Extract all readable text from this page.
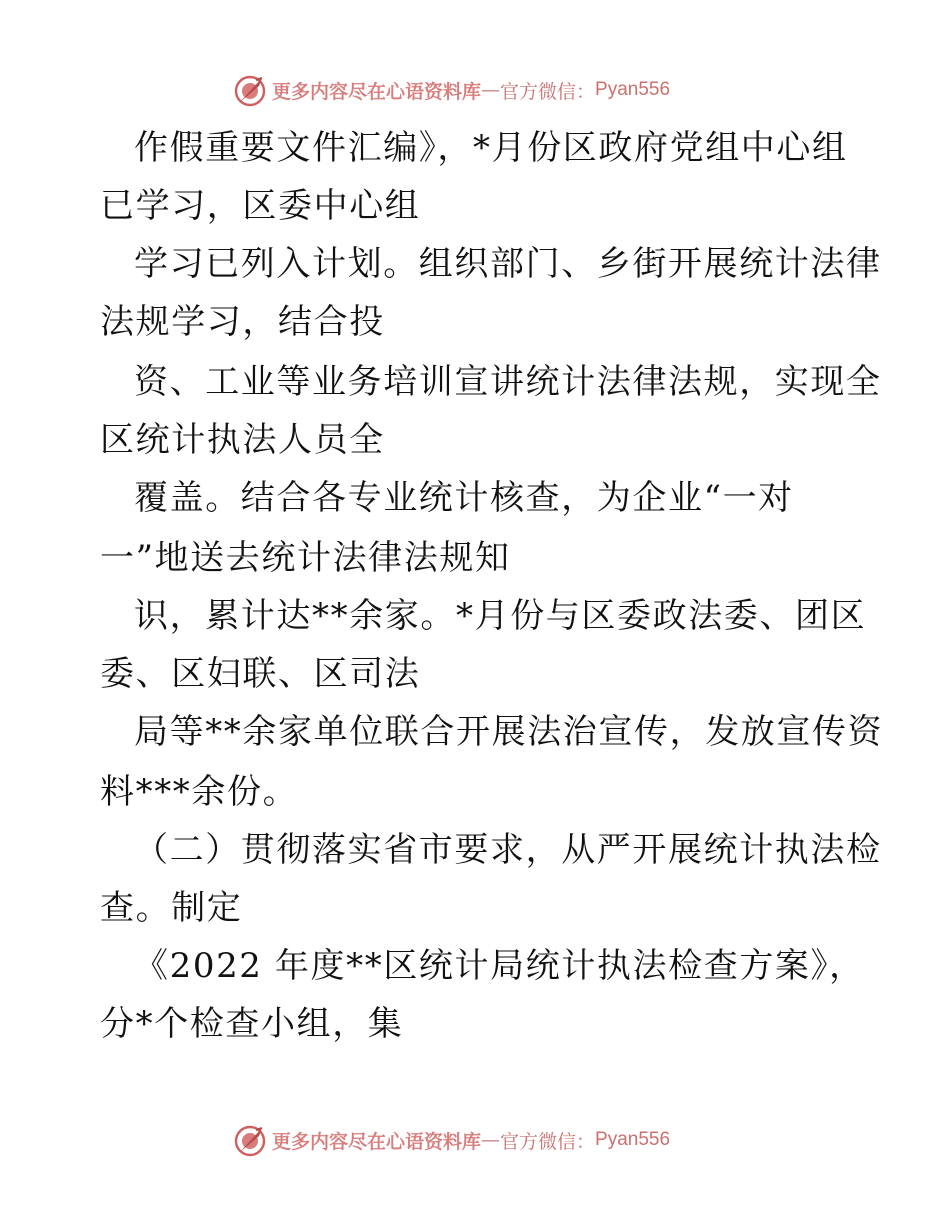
更多内容尽在心语资料库 — 官方微信： Pyan556
作假重要文件汇编》，*月份区政府党组中心组
已学习，区委中心组
学习已列入计划。组织部门、乡街开展统计法律
法规学习，结合投
资、工业等业务培训宣讲统计法律法规，实现全
区统计执法人员全
覆盖。结合各专业统计核查，为企业“一对
一”地送去统计法律法规知
识，累计达**余家。*月份与区委政法委、团区
委、区妇联、区司法
局等**余家单位联合开展法治宣传，发放宣传资
料***余份。
（二）贯彻落实省市要求，从严开展统计执法检
查。制定
《2022 年度**区统计局统计执法检查方案》，
分*个检查小组，集
更多内容尽在心语资料库 — 官方微信： Pyan556
